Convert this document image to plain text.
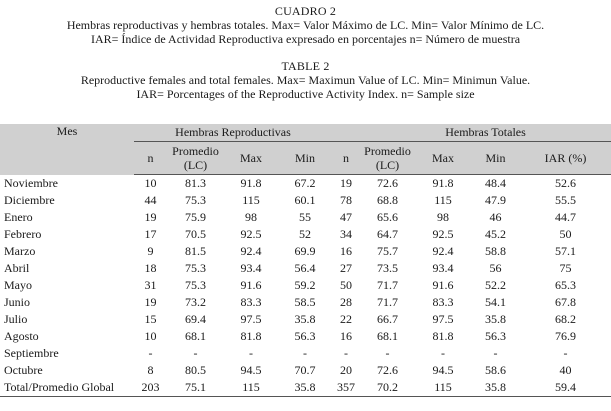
CUADRO 2
Hembras reproductivas y hembras totales. Max= Valor Máximo de LC. Min= Valor Mínimo de LC.
IAR= Índice de Actividad Reproductiva expresado en porcentajes n= Número de muestra
TABLE 2
Reproductive females and total females. Max= Maximun Value of LC. Min= Minimun Value.
IAR= Porcentages of the Reproductive Activity Index. n= Sample size
Mes	Hembras Reproductivas					Hembras Totales			
	n	Promedio (LC)	Max	Min	n	Promedio (LC)	Max	Min	IAR (%)
Noviembre	10	81.3	91.8	67.2	19	72.6	91.8	48.4	52.6
Diciembre	44	75.3	115	60.1	78	68.8	115	47.9	55.5
Enero	19	75.9	98	55	47	65.6	98	46	44.7
Febrero	17	70.5	92.5	52	34	64.7	92.5	45.2	50
Marzo	9	81.5	92.4	69.9	16	75.7	92.4	58.8	57.1
Abril	18	75.3	93.4	56.4	27	73.5	93.4	56	75
Mayo	31	75.3	91.6	59.2	50	71.7	91.6	52.2	65.3
Junio	19	73.2	83.3	58.5	28	71.7	83.3	54.1	67.8
Julio	15	69.4	97.5	35.8	22	66.7	97.5	35.8	68.2
Agosto	10	68.1	81.8	56.3	16	68.1	81.8	56.3	76.9
Septiembre	-	-	-	-	-	-	-	-	-
Octubre	8	80.5	94.5	70.7	20	72.6	94.5	58.6	40
Total/Promedio Global	203	75.1	115	35.8	357	70.2	115	35.8	59.4
